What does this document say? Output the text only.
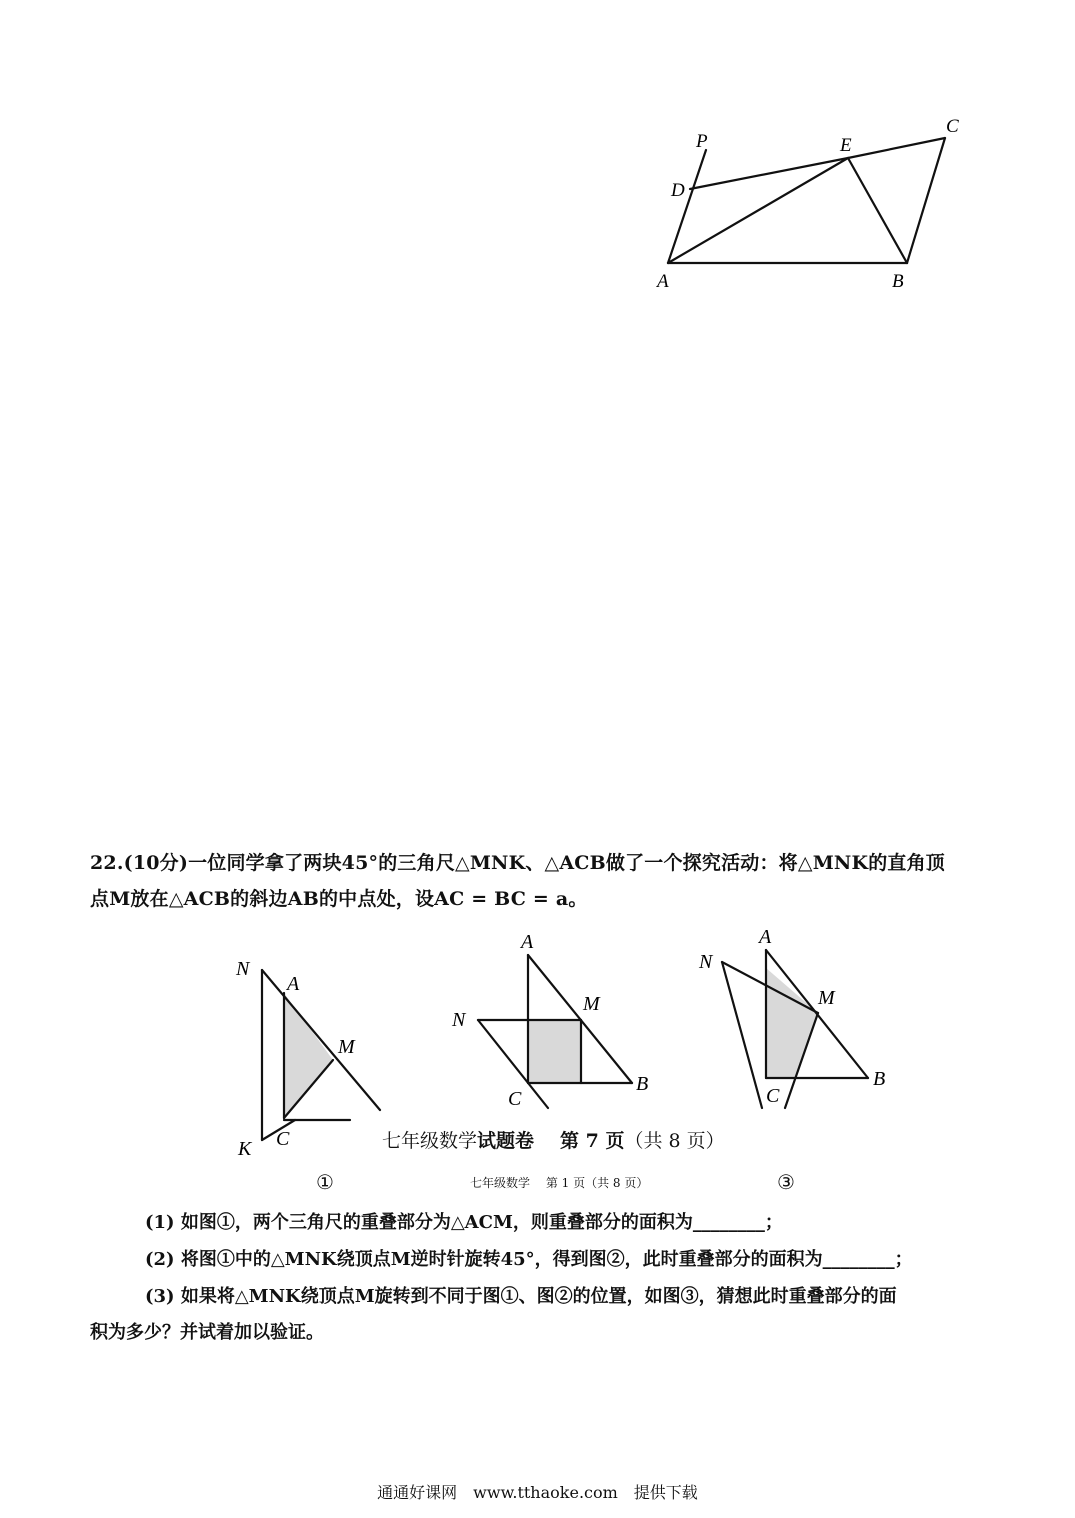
P	E
C
D
A	B
22.(10分)一位同学拿了两块45°的三角尺△MNK、△ACB做了一个探究活动：将△MNK的直角顶
点M放在△ACB的斜边AB的中点处，设AC = BC = a。
N
A
M
K C
A
M
N
B
C
A
N
M
B
C
七年级数学试题卷 第 7 页（共 8 页）
①	七年级数学　 第 1 页（共 8 页）	③
(1) 如图①，两个三角尺的重叠部分为△ACM，则重叠部分的面积为________；
(2) 将图①中的△MNK绕顶点M逆时针旋转45°，得到图②，此时重叠部分的面积为________；
(3) 如果将△MNK绕顶点M旋转到不同于图①、图②的位置，如图③，猜想此时重叠部分的面
积为多少？并试着加以验证。
通通好课网　www.tthaoke.com　提供下载
